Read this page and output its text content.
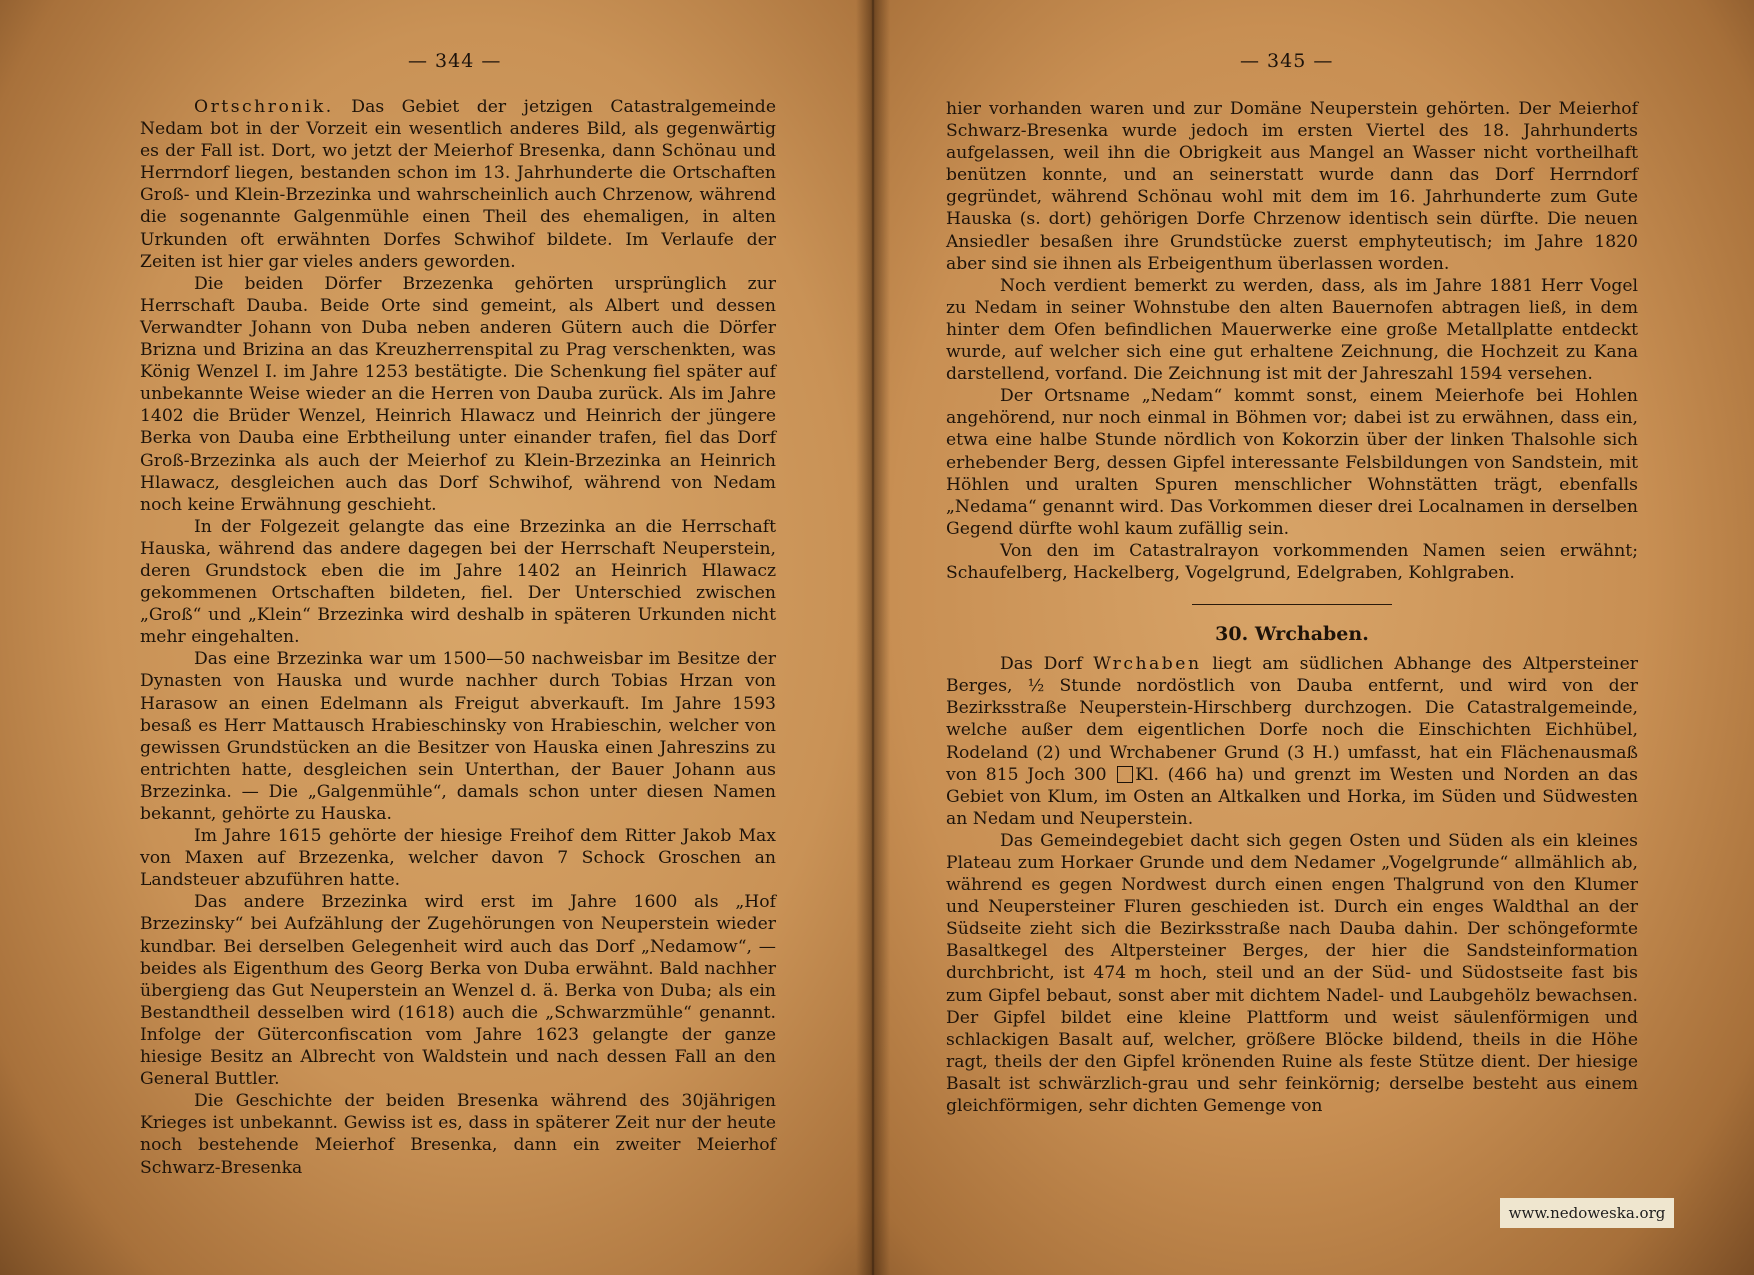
— 344 —

Ortschronik. Das Gebiet der jetzigen Catastralgemeinde Nedam bot in der Vorzeit ein wesentlich anderes Bild, als gegenwärtig es der Fall ist. Dort, wo jetzt der Meierhof Bresenka, dann Schönau und Herrndorf liegen, bestanden schon im 13. Jahrhunderte die Ortschaften Groß- und Klein-Brzezinka und wahrscheinlich auch Chrzenow, während die sogenannte Galgenmühle einen Theil des ehemaligen, in alten Urkunden oft erwähnten Dorfes Schwihof bildete. Im Verlaufe der Zeiten ist hier gar vieles anders geworden.

Die beiden Dörfer Brzezenka gehörten ursprünglich zur Herrschaft Dauba. Beide Orte sind gemeint, als Albert und dessen Verwandter Johann von Duba neben anderen Gütern auch die Dörfer Brizna und Brizina an das Kreuzherrenspital zu Prag verschenkten, was König Wenzel I. im Jahre 1253 bestätigte. Die Schenkung fiel später auf unbekannte Weise wieder an die Herren von Dauba zurück. Als im Jahre 1402 die Brüder Wenzel, Heinrich Hlawacz und Heinrich der jüngere Berka von Dauba eine Erbtheilung unter einander trafen, fiel das Dorf Groß-Brzezinka als auch der Meierhof zu Klein-Brzezinka an Heinrich Hlawacz, desgleichen auch das Dorf Schwihof, während von Nedam noch keine Erwähnung geschieht.

In der Folgezeit gelangte das eine Brzezinka an die Herrschaft Hauska, während das andere dagegen bei der Herrschaft Neuperstein, deren Grundstock eben die im Jahre 1402 an Heinrich Hlawacz gekommenen Ortschaften bildeten, fiel. Der Unterschied zwischen „Groß“ und „Klein“ Brzezinka wird deshalb in späteren Urkunden nicht mehr eingehalten.

Das eine Brzezinka war um 1500—50 nachweisbar im Besitze der Dynasten von Hauska und wurde nachher durch Tobias Hrzan von Harasow an einen Edelmann als Freigut abverkauft. Im Jahre 1593 besaß es Herr Mattausch Hrabieschinsky von Hrabieschin, welcher von gewissen Grundstücken an die Besitzer von Hauska einen Jahreszins zu entrichten hatte, desgleichen sein Unterthan, der Bauer Johann aus Brzezinka. — Die „Galgenmühle“, damals schon unter diesen Namen bekannt, gehörte zu Hauska.

Im Jahre 1615 gehörte der hiesige Freihof dem Ritter Jakob Max von Maxen auf Brzezenka, welcher davon 7 Schock Groschen an Landsteuer abzuführen hatte.

Das andere Brzezinka wird erst im Jahre 1600 als „Hof Brzezinsky“ bei Aufzählung der Zugehörungen von Neuperstein wieder kundbar. Bei derselben Gelegenheit wird auch das Dorf „Nedamow“, — beides als Eigenthum des Georg Berka von Duba erwähnt. Bald nachher übergieng das Gut Neuperstein an Wenzel d. ä. Berka von Duba; als ein Bestandtheil desselben wird (1618) auch die „Schwarzmühle“ genannt. Infolge der Güterconfiscation vom Jahre 1623 gelangte der ganze hiesige Besitz an Albrecht von Waldstein und nach dessen Fall an den General Buttler.

Die Geschichte der beiden Bresenka während des 30jährigen Krieges ist unbekannt. Gewiss ist es, dass in späterer Zeit nur der heute noch bestehende Meierhof Bresenka, dann ein zweiter Meierhof Schwarz-Bresenka

— 345 —

hier vorhanden waren und zur Domäne Neuperstein gehörten. Der Meierhof Schwarz-Bresenka wurde jedoch im ersten Viertel des 18. Jahrhunderts aufgelassen, weil ihn die Obrigkeit aus Mangel an Wasser nicht vortheilhaft benützen konnte, und an seinerstatt wurde dann das Dorf Herrndorf gegründet, während Schönau wohl mit dem im 16. Jahrhunderte zum Gute Hauska (s. dort) gehörigen Dorfe Chrzenow identisch sein dürfte. Die neuen Ansiedler besaßen ihre Grundstücke zuerst emphyteutisch; im Jahre 1820 aber sind sie ihnen als Erbeigenthum überlassen worden.

Noch verdient bemerkt zu werden, dass, als im Jahre 1881 Herr Vogel zu Nedam in seiner Wohnstube den alten Bauernofen abtragen ließ, in dem hinter dem Ofen befindlichen Mauerwerke eine große Metallplatte entdeckt wurde, auf welcher sich eine gut erhaltene Zeichnung, die Hochzeit zu Kana darstellend, vorfand. Die Zeichnung ist mit der Jahreszahl 1594 versehen.

Der Ortsname „Nedam“ kommt sonst, einem Meierhofe bei Hohlen angehörend, nur noch einmal in Böhmen vor; dabei ist zu erwähnen, dass ein, etwa eine halbe Stunde nördlich von Kokorzin über der linken Thalsohle sich erhebender Berg, dessen Gipfel interessante Felsbildungen von Sandstein, mit Höhlen und uralten Spuren menschlicher Wohnstätten trägt, ebenfalls „Nedama“ genannt wird. Das Vorkommen dieser drei Localnamen in derselben Gegend dürfte wohl kaum zufällig sein.

Von den im Catastralrayon vorkommenden Namen seien erwähnt; Schaufelberg, Hackelberg, Vogelgrund, Edelgraben, Kohlgraben.

30. Wrchaben.

Das Dorf Wrchaben liegt am südlichen Abhange des Altpersteiner Berges, ½ Stunde nordöstlich von Dauba entfernt, und wird von der Bezirksstraße Neuperstein-Hirschberg durchzogen. Die Catastralgemeinde, welche außer dem eigentlichen Dorfe noch die Einschichten Eichhübel, Rodeland (2) und Wrchabener Grund (3 H.) umfasst, hat ein Flächenausmaß von 815 Joch 300 Kl. (466 ha) und grenzt im Westen und Norden an das Gebiet von Klum, im Osten an Altkalken und Horka, im Süden und Südwesten an Nedam und Neuperstein.

Das Gemeindegebiet dacht sich gegen Osten und Süden als ein kleines Plateau zum Horkaer Grunde und dem Nedamer „Vogelgrunde“ allmählich ab, während es gegen Nordwest durch einen engen Thalgrund von den Klumer und Neupersteiner Fluren geschieden ist. Durch ein enges Waldthal an der Südseite zieht sich die Bezirksstraße nach Dauba dahin. Der schöngeformte Basaltkegel des Altpersteiner Berges, der hier die Sandsteinformation durchbricht, ist 474 m hoch, steil und an der Süd- und Südostseite fast bis zum Gipfel bebaut, sonst aber mit dichtem Nadel- und Laubgehölz bewachsen. Der Gipfel bildet eine kleine Plattform und weist säulenförmigen und schlackigen Basalt auf, welcher, größere Blöcke bildend, theils in die Höhe ragt, theils der den Gipfel krönenden Ruine als feste Stütze dient. Der hiesige Basalt ist schwärzlich-grau und sehr feinkörnig; derselbe besteht aus einem gleichförmigen, sehr dichten Gemenge von

www.nedoweska.org
